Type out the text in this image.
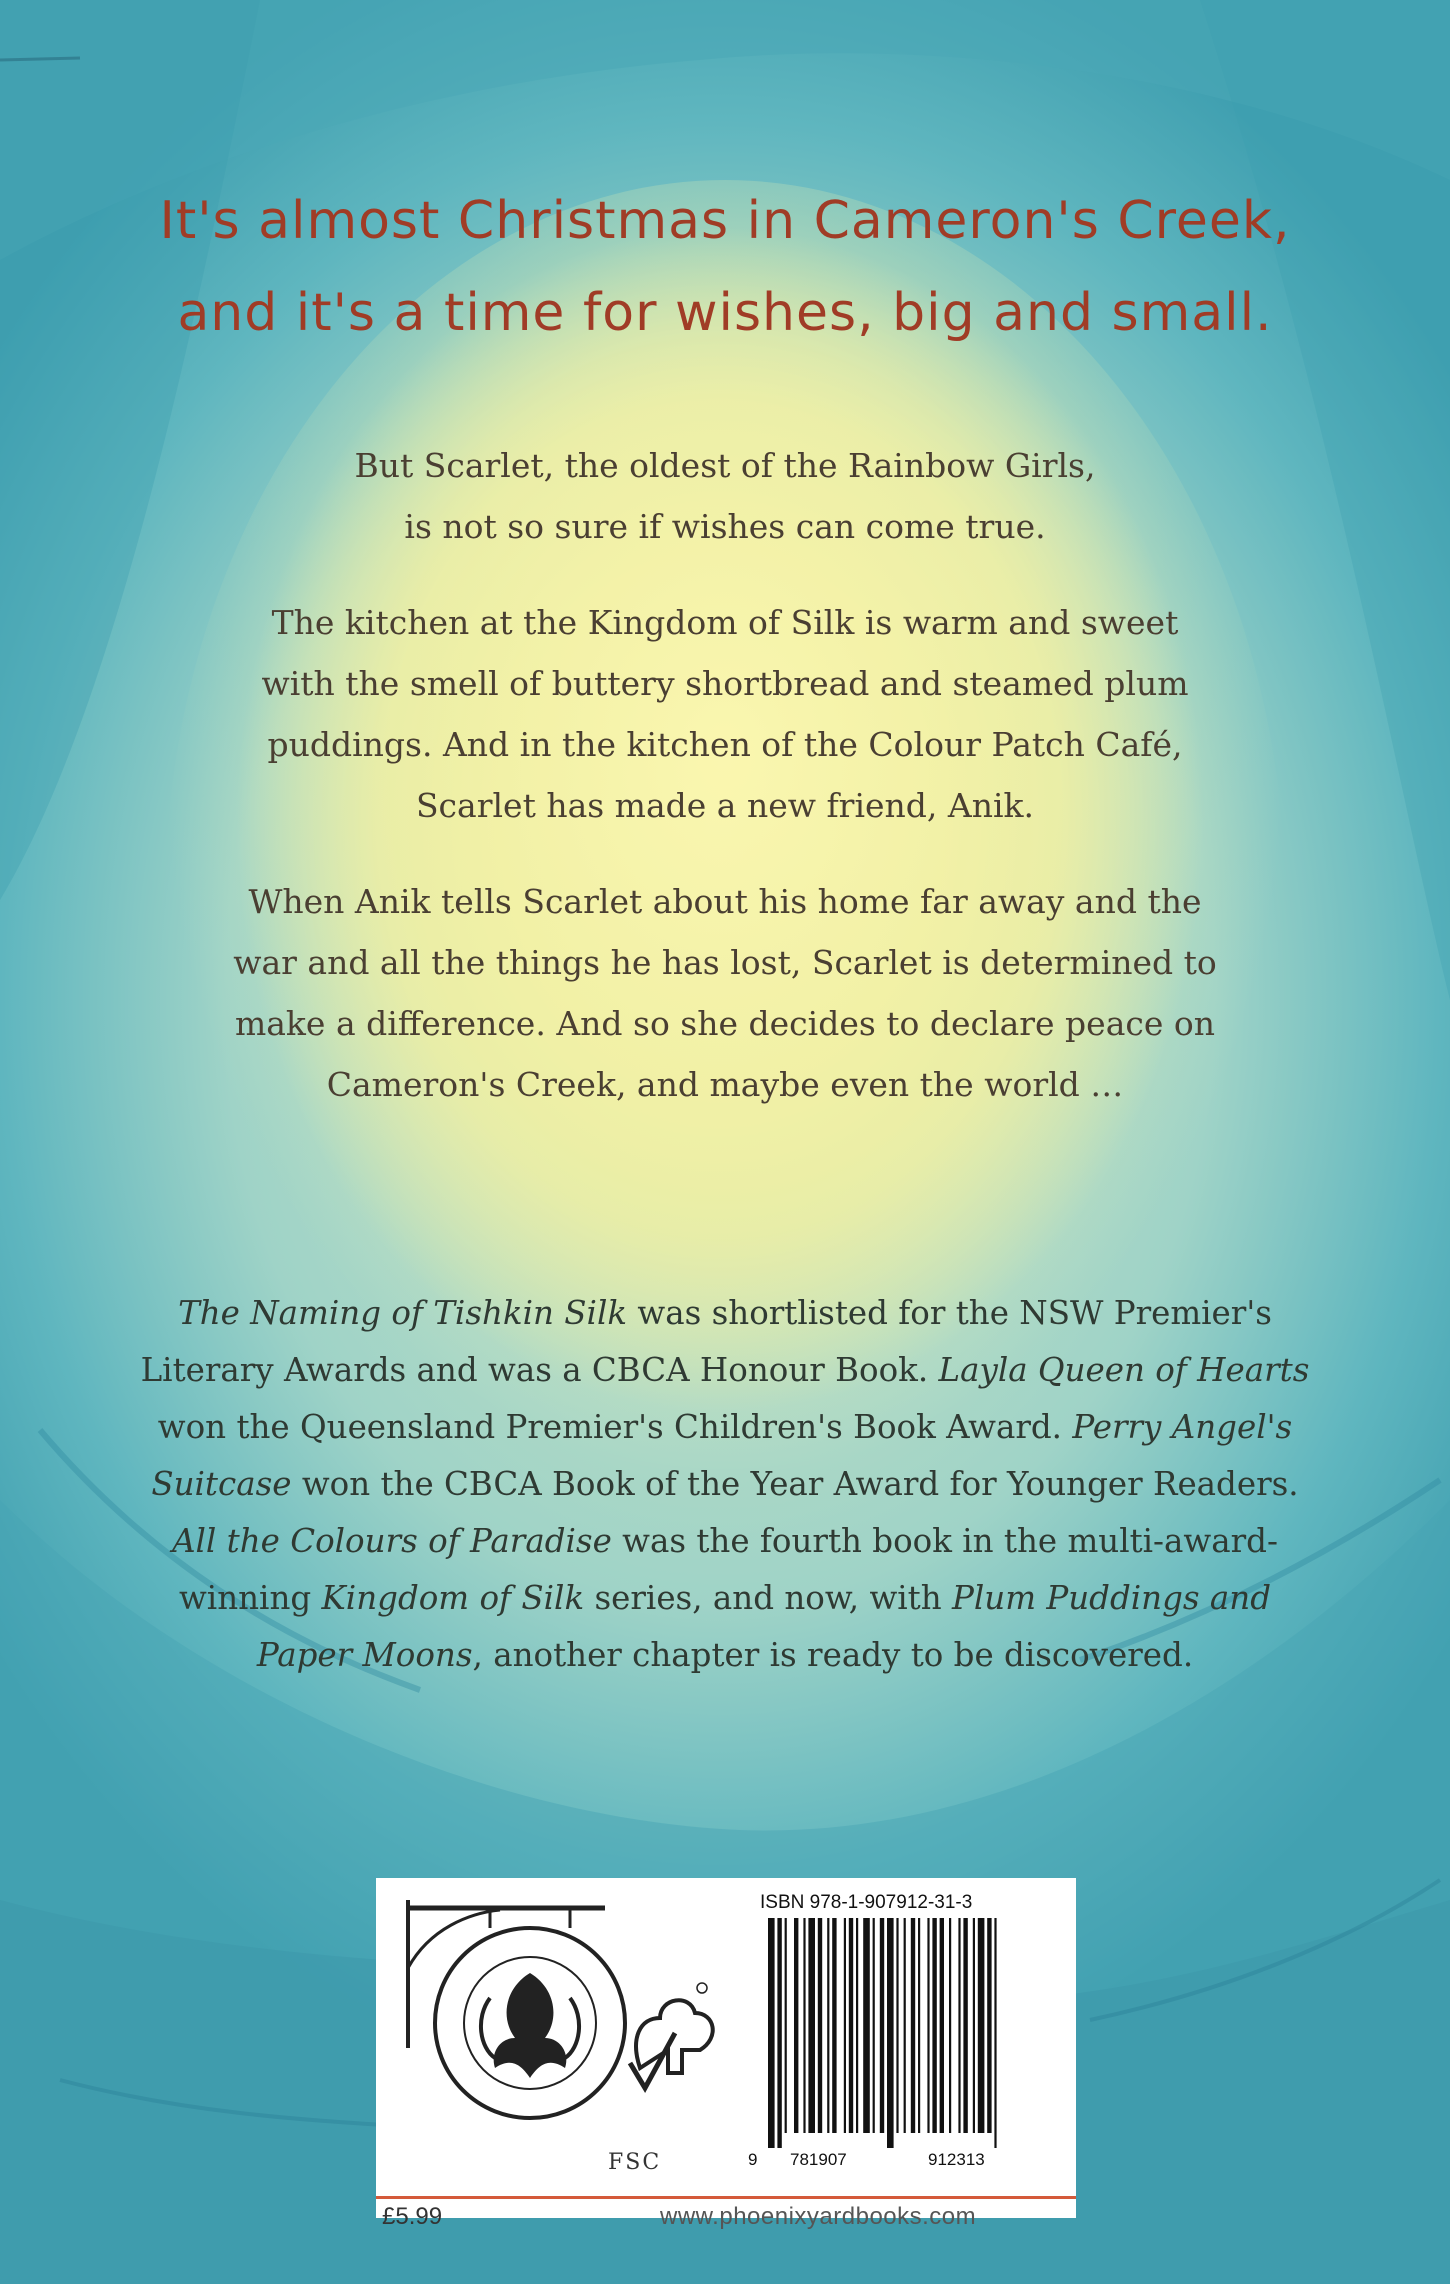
It's almost Christmas in Cameron's Creek,
and it's a time for wishes, big and small.
But Scarlet, the oldest of the Rainbow Girls,
is not so sure if wishes can come true.
The kitchen at the Kingdom of Silk is warm and sweet
with the smell of buttery shortbread and steamed plum
puddings. And in the kitchen of the Colour Patch Café,
Scarlet has made a new friend, Anik.
When Anik tells Scarlet about his home far away and the
war and all the things he has lost, Scarlet is determined to
make a difference. And so she decides to declare peace on
Cameron's Creek, and maybe even the world …
The Naming of Tishkin Silk was shortlisted for the NSW Premier's
Literary Awards and was a CBCA Honour Book. Layla Queen of Hearts
won the Queensland Premier's Children's Book Award. Perry Angel's
Suitcase won the CBCA Book of the Year Award for Younger Readers.
All the Colours of Paradise was the fourth book in the multi-award-
winning Kingdom of Silk series, and now, with Plum Puddings and
Paper Moons, another chapter is ready to be discovered.
FSC
ISBN 978-1-907912-31-3
9 781907	912313
£5.99	www.phoenixyardbooks.com
